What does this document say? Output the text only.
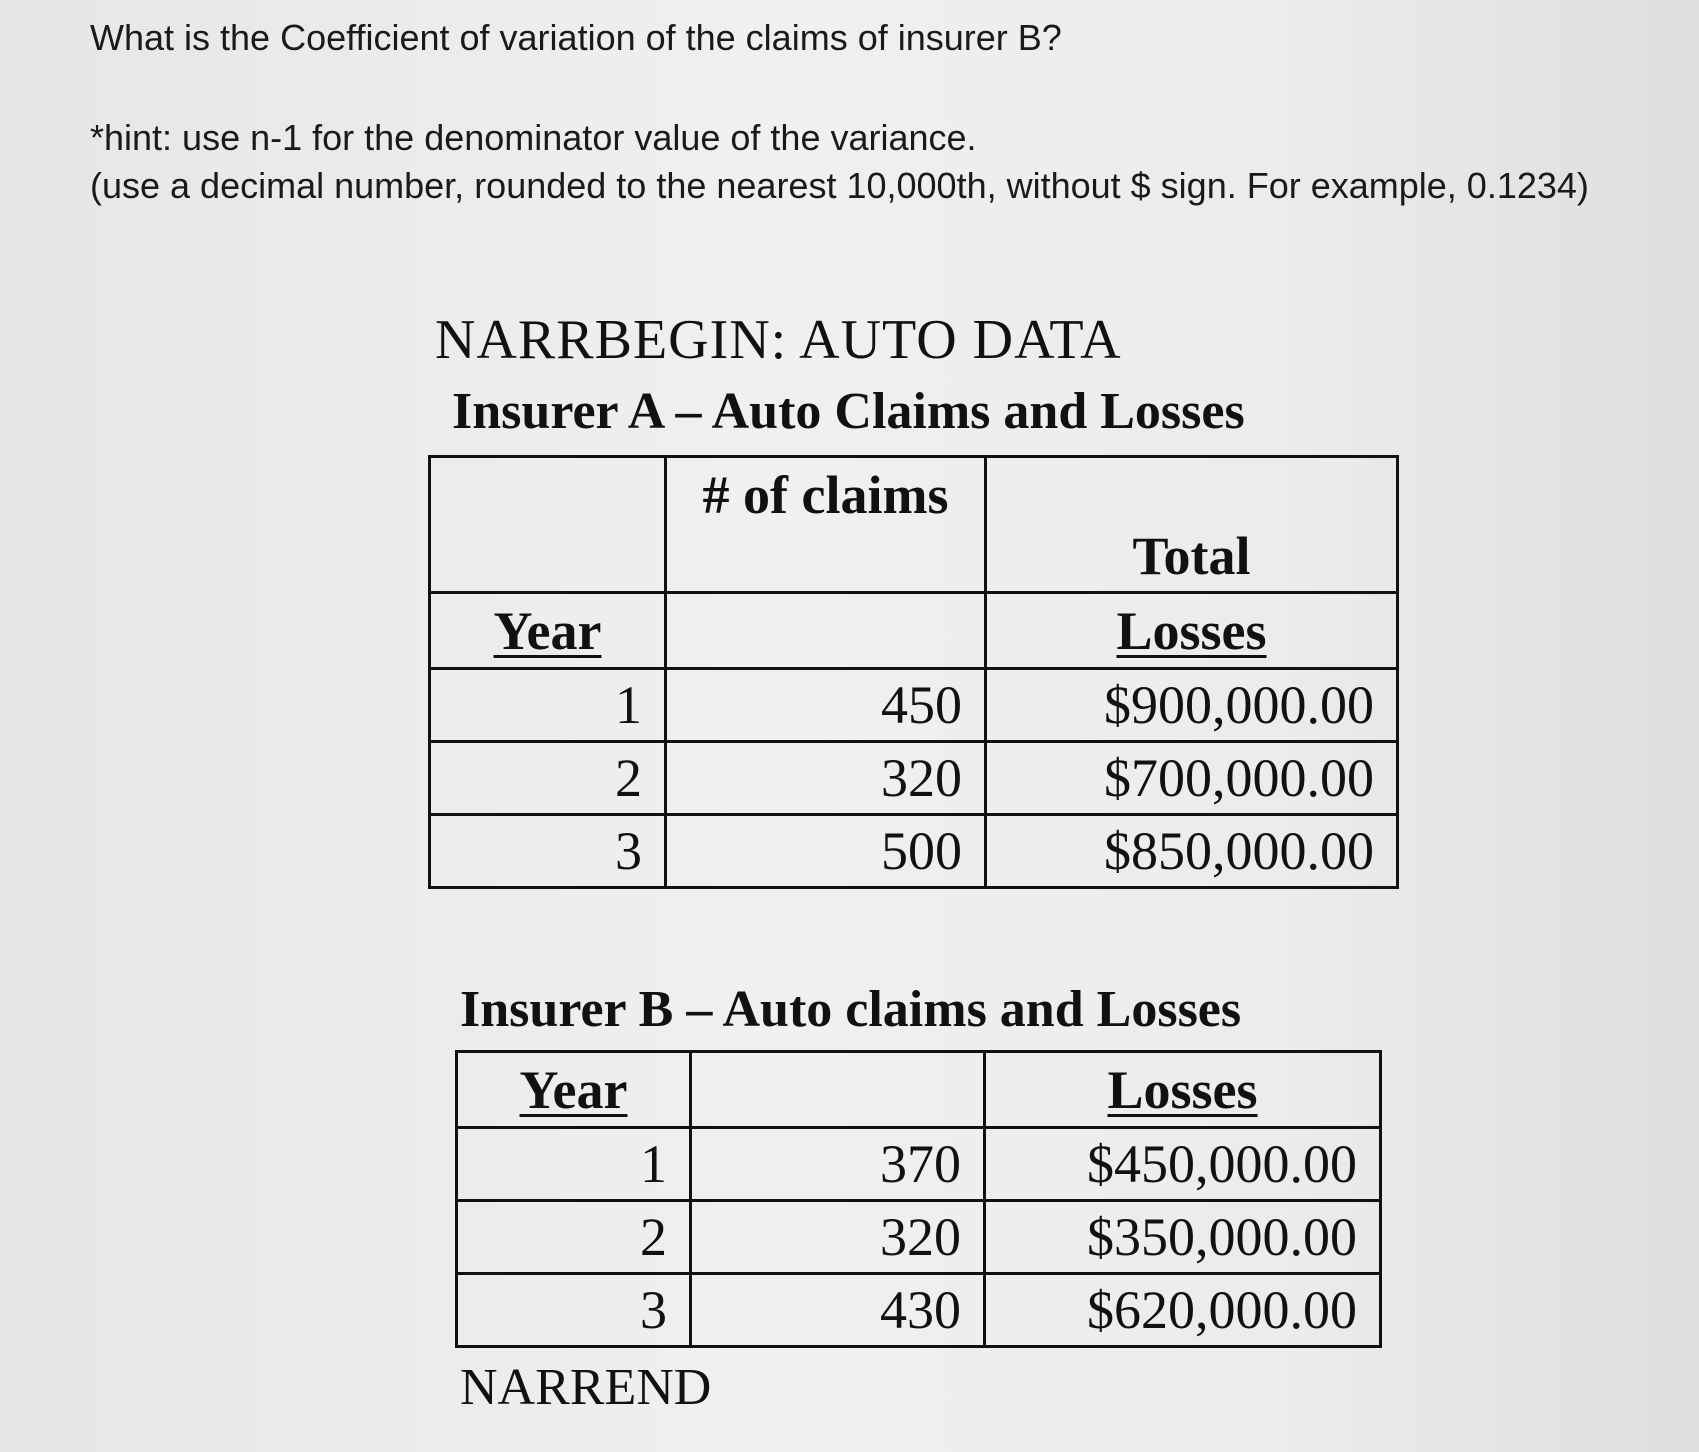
What is the Coefficient of variation of the claims of insurer B?

*hint: use n-1 for the denominator value of the variance.

(use a decimal number, rounded to the nearest 10,000th, without $ sign. For example, 0.1234)

NARRBEGIN: AUTO DATA
Insurer A – Auto Claims and Losses
	# of claims	Total
Year		Losses
1	450	$900,000.00
2	320	$700,000.00
3	500	$850,000.00
Insurer B – Auto claims and Losses
Year		Losses
1	370	$450,000.00
2	320	$350,000.00
3	430	$620,000.00
NARREND
